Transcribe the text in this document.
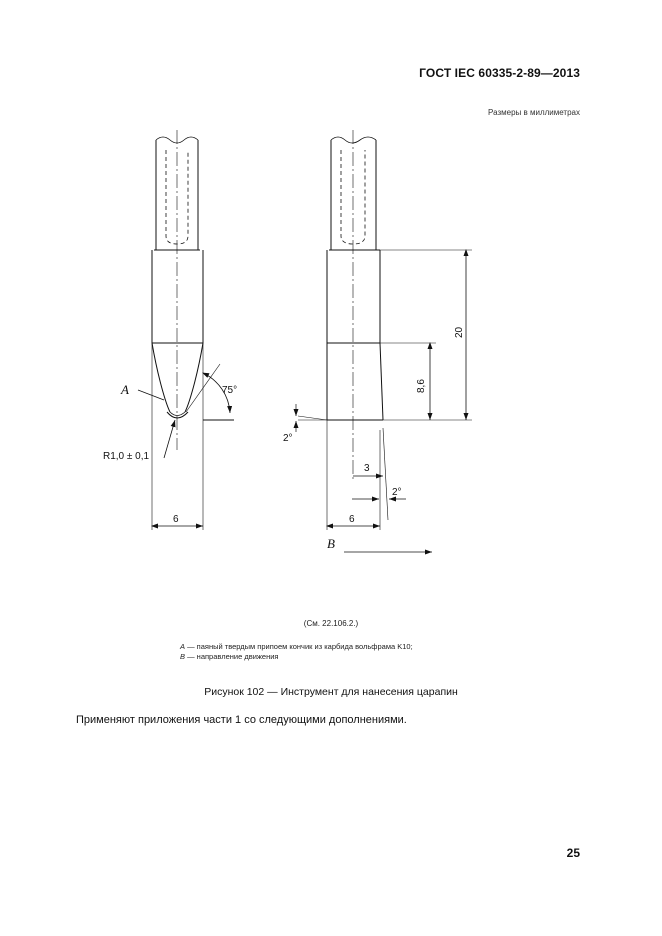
ГОСТ IEC 60335-2-89—2013
Размеры в миллиметрах
A	75°
R1,0 ± 0,1
6	6
3
20
8,6
2°
2°
B
(См. 22.106.2.)
A — паяный твердым припоем кончик из карбида вольфрама K10;
B — направление движения
Рисунок 102 — Инструмент для нанесения царапин
Применяют приложения части 1 со следующими дополнениями.
25
